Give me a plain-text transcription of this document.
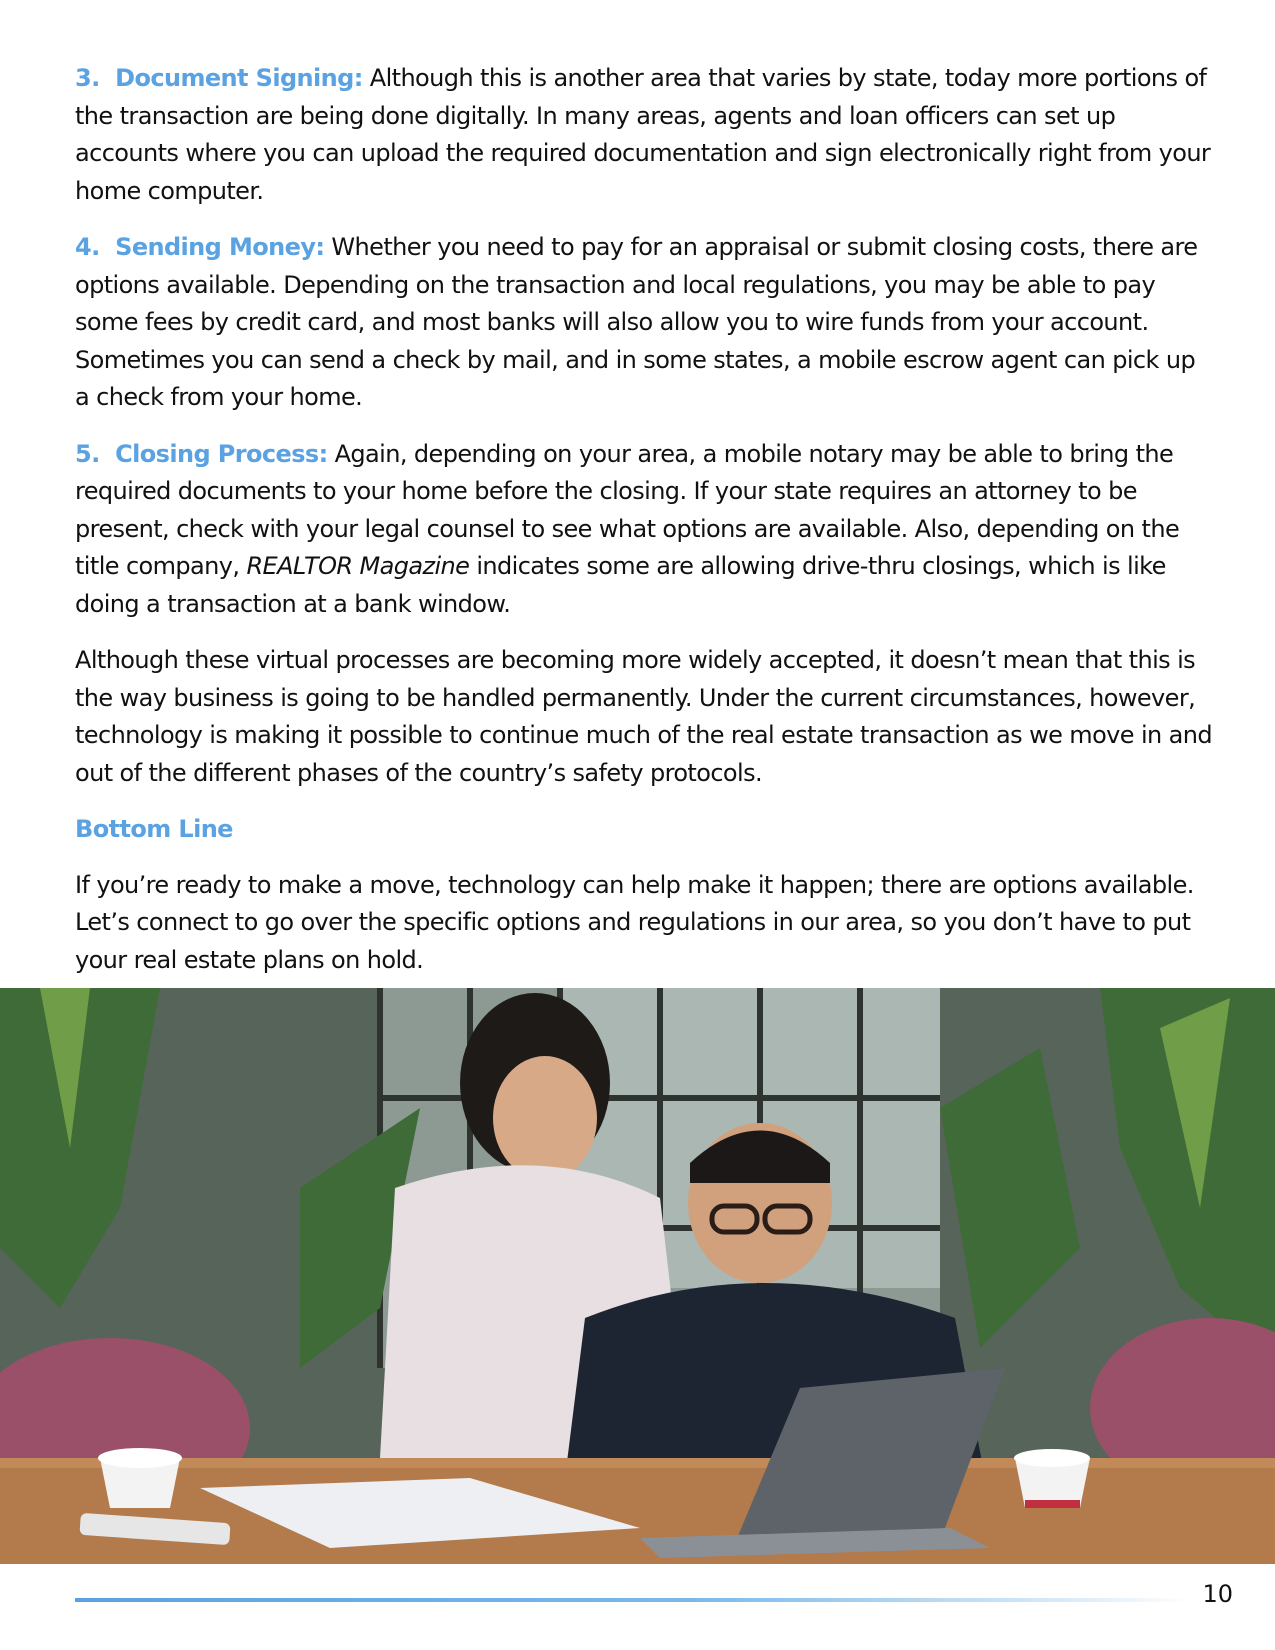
3.  Document Signing: Although this is another area that varies by state, today more portions of the transaction are being done digitally. In many areas, agents and loan officers can set up accounts where you can upload the required documentation and sign electronically right from your home computer.

4.  Sending Money: Whether you need to pay for an appraisal or submit closing costs, there are options available. Depending on the transaction and local regulations, you may be able to pay some fees by credit card, and most banks will also allow you to wire funds from your account. Sometimes you can send a check by mail, and in some states, a mobile escrow agent can pick up a check from your home.

5.  Closing Process: Again, depending on your area, a mobile notary may be able to bring the required documents to your home before the closing. If your state requires an attorney to be present, check with your legal counsel to see what options are available. Also, depending on the title company, REALTOR Magazine indicates some are allowing drive-thru closings, which is like doing a transaction at a bank window.

Although these virtual processes are becoming more widely accepted, it doesn’t mean that this is the way business is going to be handled permanently. Under the current circumstances, however, technology is making it possible to continue much of the real estate transaction as we move in and out of the different phases of the country’s safety protocols.

Bottom Line

If you’re ready to make a move, technology can help make it happen; there are options available. Let’s connect to go over the specific options and regulations in our area, so you don’t have to put your real estate plans on hold.

10
